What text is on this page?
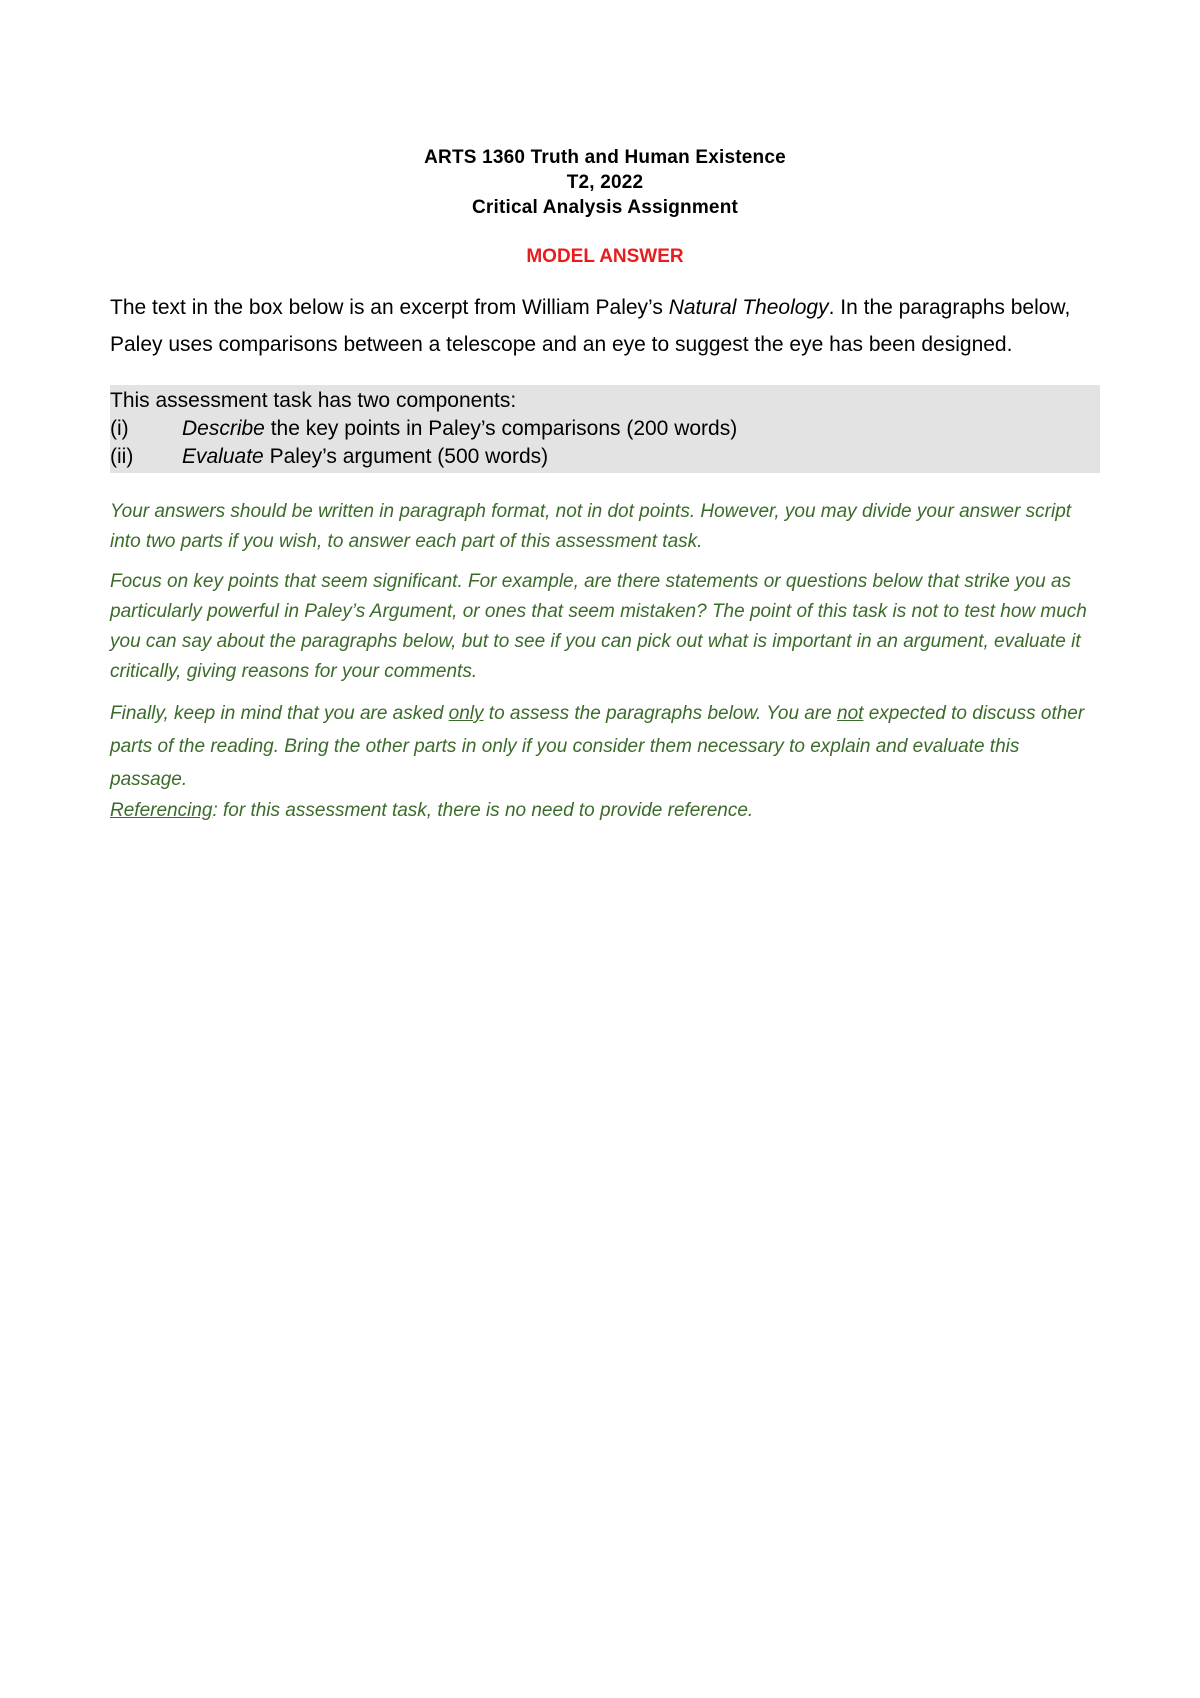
ARTS 1360 Truth and Human Existence
T2, 2022
Critical Analysis Assignment
MODEL ANSWER
The text in the box below is an excerpt from William Paley’s Natural Theology. In the paragraphs below, Paley uses comparisons between a telescope and an eye to suggest the eye has been designed.
This assessment task has two components:
(i)	Describe the key points in Paley’s comparisons (200 words)
(ii) Evaluate Paley’s argument (500 words)

Your answers should be written in paragraph format, not in dot points. However, you may divide your answer script into two parts if you wish, to answer each part of this assessment task.

Focus on key points that seem significant. For example, are there statements or questions below that strike you as particularly powerful in Paley’s Argument, or ones that seem mistaken? The point of this task is not to test how much you can say about the paragraphs below, but to see if you can pick out what is important in an argument, evaluate it critically, giving reasons for your comments.

Finally, keep in mind that you are asked only to assess the paragraphs below. You are not expected to discuss other parts of the reading. Bring the other parts in only if you consider them necessary to explain and evaluate this passage.

Referencing: for this assessment task, there is no need to provide reference.
